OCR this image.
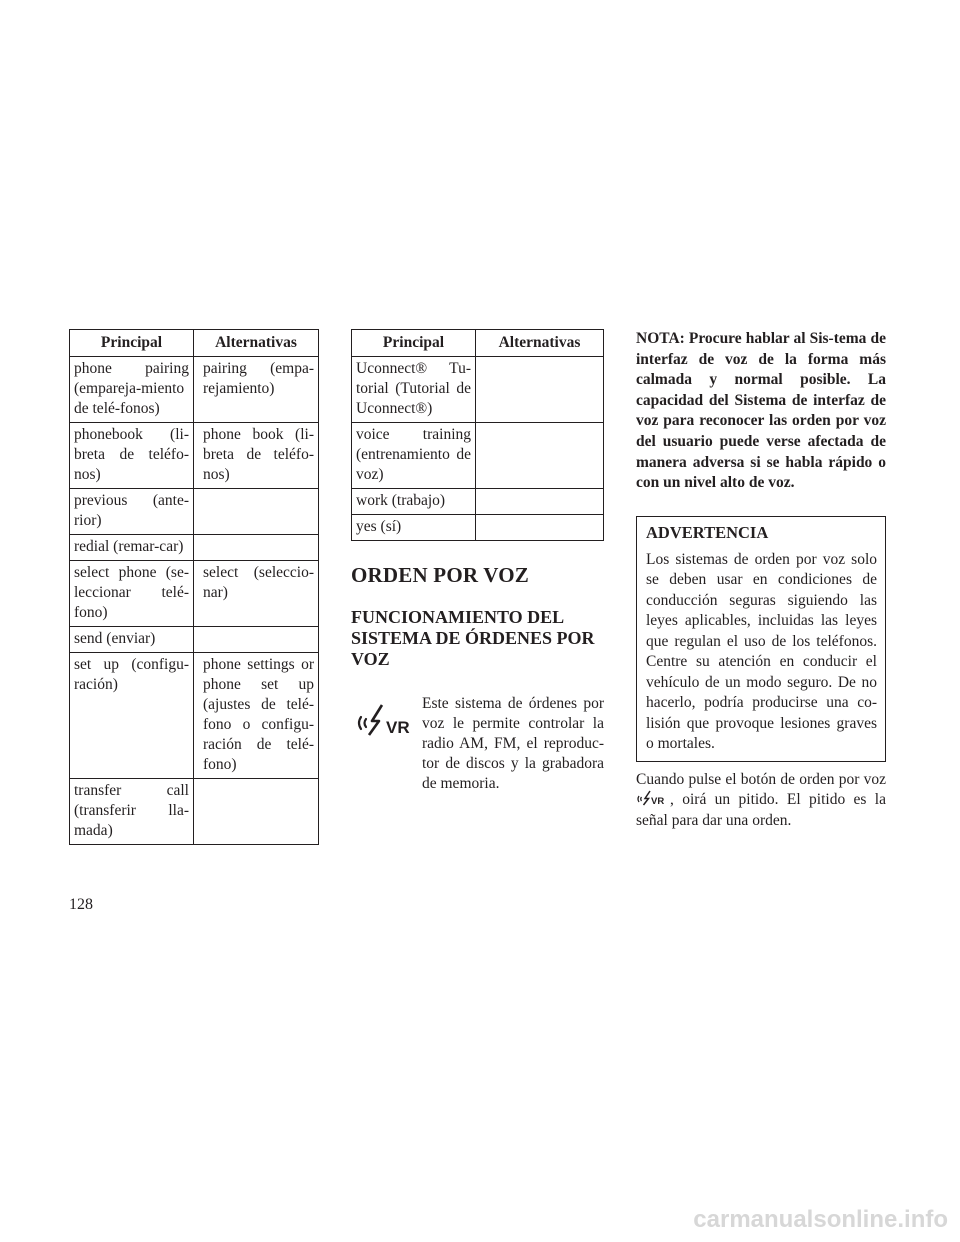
Principal	Alternativas
phone pairing (empareja-miento de telé-fonos)	pairing (empa-rejamiento)
phonebook (li-breta de teléfo-nos)	phone book (li-breta de teléfo-nos)
previous (ante-rior)	
redial (remar-car)	
select phone (se-leccionar telé-fono)	select (seleccio-nar)
send (enviar)	
set up (configu-ración)	phone settings or phone set up (ajustes de telé-fono o configu-ración de telé-fono)
transfer call (transferir lla-mada)	
Principal	Alternativas
Uconnect® Tu-torial (Tutorial de Uconnect®)	
voice training (entrenamiento de voz)	
work (trabajo)	
yes (sí)	
ORDEN POR VOZ
FUNCIONAMIENTO DEL SISTEMA DE ÓRDENES POR VOZ
VR
Este sistema de órdenes por voz le permite controlar la radio AM, FM, el reproduc-tor de discos y la grabadora de memoria.

NOTA: Procure hablar al Sis-tema de interfaz de voz de la forma más calmada y normal posible. La capacidad del Sistema de interfaz de voz para reconocer las orden por voz del usuario puede verse afectada de manera adversa si se habla rápido o con un nivel alto de voz.

ADVERTENCIA

Los sistemas de orden por voz solo se deben usar en condiciones de conducción seguras siguiendo las leyes aplicables, incluidas las leyes que regulan el uso de los teléfonos. Centre su atención en conducir el vehículo de un modo seguro. De no hacerlo, podría producirse una co-lisión que provoque lesiones graves o mortales.

Cuando pulse el botón de orden por voz
VR , oirá un pitido. El pitido es la señal para dar una orden.

128
carmanualsonline.info
